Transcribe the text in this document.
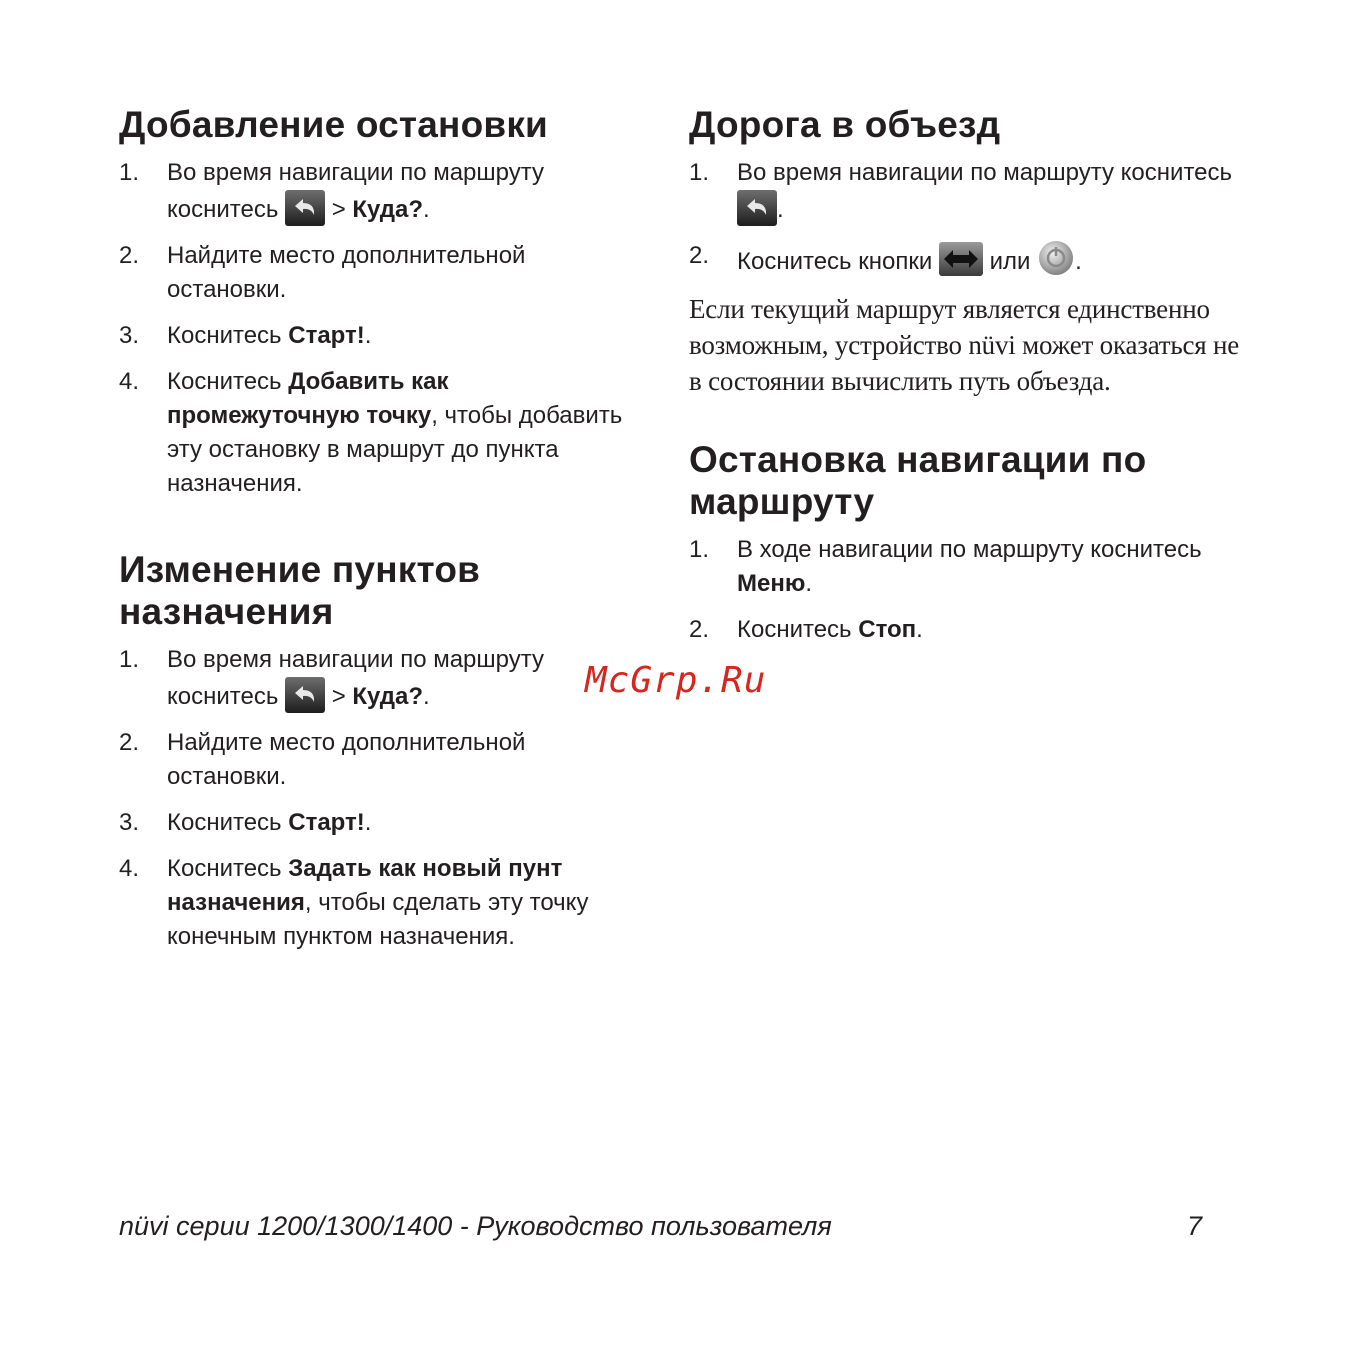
Добавление остановки
1. Во время навигации по маршруту коснитесь > Куда?.
2. Найдите место дополнительной остановки.
3. Коснитесь Старт!.
4. Коснитесь Добавить как промежуточную точку, чтобы добавить эту остановку в маршрут до пункта назначения.
Изменение пунктов назначения
1. Во время навигации по маршруту коснитесь > Куда?.
2. Найдите место дополнительной остановки.
3. Коснитесь Старт!.
4. Коснитесь Задать как новый пунт назначения, чтобы сделать эту точку конечным пунктом назначения.
Дорога в объезд
1. Во время навигации по маршруту коснитесь
.
2. Коснитесь кнопки или .

Если текущий маршрут является единственно возможным, устройство nüvi может оказаться не в состоянии вычислить путь объезда.

Остановка навигации по маршруту
1. В ходе навигации по маршруту коснитесь Меню.
2. Коснитесь Стоп.
McGrp.Ru
nüvi серии 1200/1300/1400 - Руководство пользователя	7
